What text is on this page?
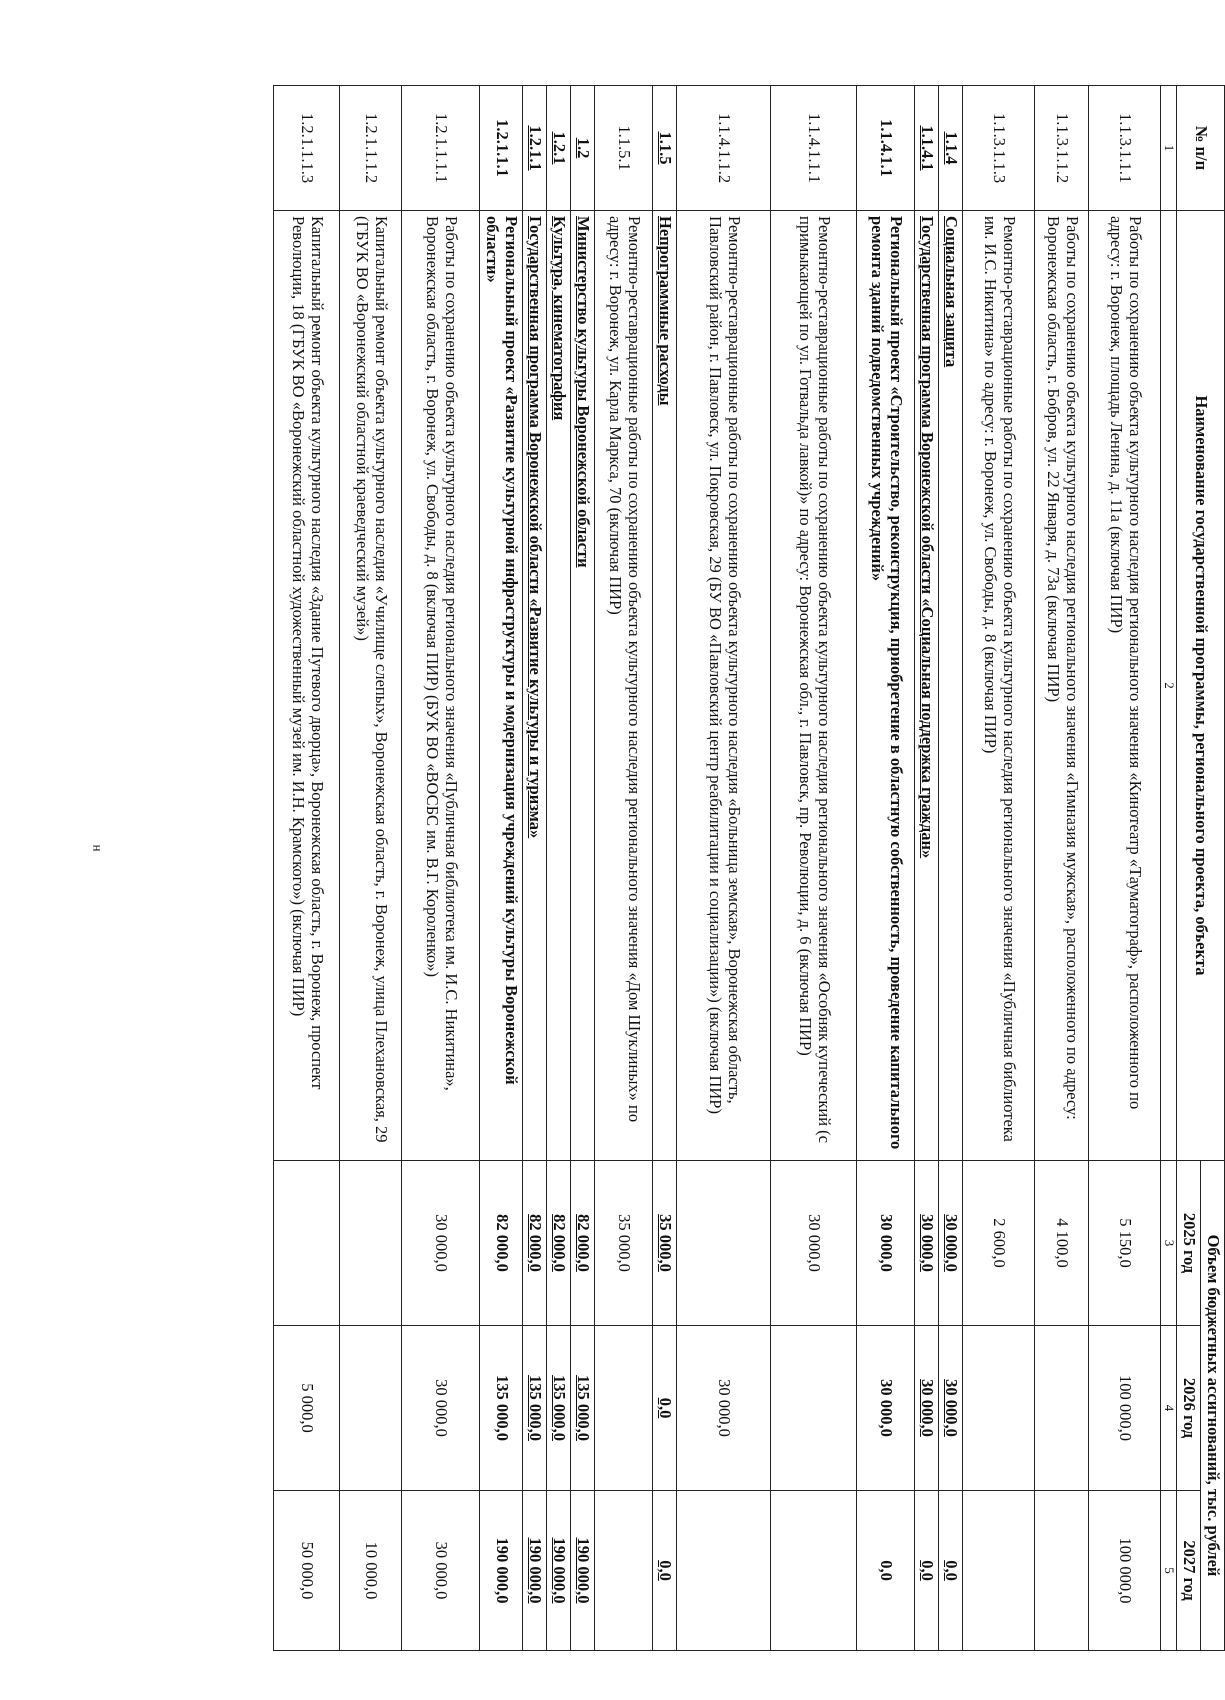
н
№ п/п	Наименование государственной программы, регионального проекта, объекта	Объем бюджетных ассигнований, тыс. рублей		
		2025 год	2026 год	2027 год
1	2	3	4	5
1.1.3.1.1.1	Работы по сохранению объекта культурного наследия регионального значения «Кинотеатр «Тауматограф», расположенного по адресу: г. Воронеж, площадь Ленина, д. 11а (включая ПИР)	5 150,0	100 000,0	100 000,0
1.1.3.1.1.2	Работы по сохранению объекта культурного наследия регионального значения «Гимназия мужская», расположенного по адресу: Воронежская область, г. Бобров, ул. 22 Января, д. 73а (включая ПИР)	4 100,0		
1.1.3.1.1.3	Ремонтно-реставрационные работы по сохранению объекта культурного наследия регионального значения «Публичная библиотека им. И.С. Никитина» по адресу: г. Воронеж, ул. Свободы, д. 8 (включая ПИР)	2 600,0		
1.1.4	Социальная защита	30 000,0	30 000,0	0,0
1.1.4.1	Государственная программа Воронежской области «Социальная поддержка граждан»	30 000,0	30 000,0	0,0
1.1.4.1.1	Региональный проект «Строительство, реконструкция, приобретение в областную собственность, проведение капитального ремонта зданий подведомственных учреждений»	30 000,0	30 000,0	0,0
1.1.4.1.1.1	Ремонтно-реставрационные работы по сохранению объекта культурного наследия регионального значения «Особняк купеческий (с примыкающей по ул. Готвальда лавкой)» по адресу: Воронежская обл., г. Павловск, пр. Революции, д. 6 (включая ПИР)	30 000,0		
1.1.4.1.1.2	Ремонтно-реставрационные работы по сохранению объекта культурного наследия «Больница земская», Воронежская область, Павловский район, г. Павловск, ул. Покровская, 29 (БУ ВО «Павловский центр реабилитации и социализации») (включая ПИР)		30 000,0	
1.1.5	Непрограммные расходы	35 000,0	0,0	0,0
1.1.5.1	Ремонтно-реставрационные работы по сохранению объекта культурного наследия регионального значения «Дом Шуклиных» по адресу: г. Воронеж, ул. Карла Маркса, 70 (включая ПИР)	35 000,0		
1.2	Министерство культуры Воронежской области	82 000,0	135 000,0	190 000,0
1.2.1	Культура, кинематография	82 000,0	135 000,0	190 000,0
1.2.1.1	Государственная программа Воронежской области «Развитие культуры и туризма»	82 000,0	135 000,0	190 000,0
1.2.1.1.1	Региональный проект «Развитие культурной инфраструктуры и модернизация учреждений культуры Воронежской области»	82 000,0	135 000,0	190 000,0
1.2.1.1.1.1	Работы по сохранению объекта культурного наследия регионального значения «Публичная библиотека им. И.С. Никитина», Воронежская область, г. Воронеж, ул. Свободы, д. 8 (включая ПИР) (БУК ВО «ВОСБС им. В.Г. Короленко»)	30 000,0	30 000,0	30 000,0
1.2.1.1.1.2	Капитальный ремонт объекта культурного наследия «Училище слепых», Воронежская область, г. Воронеж, улица Плехановская, 29 (ГБУК ВО «Воронежский областной краеведческий музей»)			10 000,0
1.2.1.1.1.3	Капитальный ремонт объекта культурного наследия «Здание Путевого дворца», Воронежская область, г. Воронеж, проспект Революции, 18 (ГБУК ВО «Воронежский областной художественный музей им. И.Н. Крамского») (включая ПИР)		5 000,0	50 000,0
